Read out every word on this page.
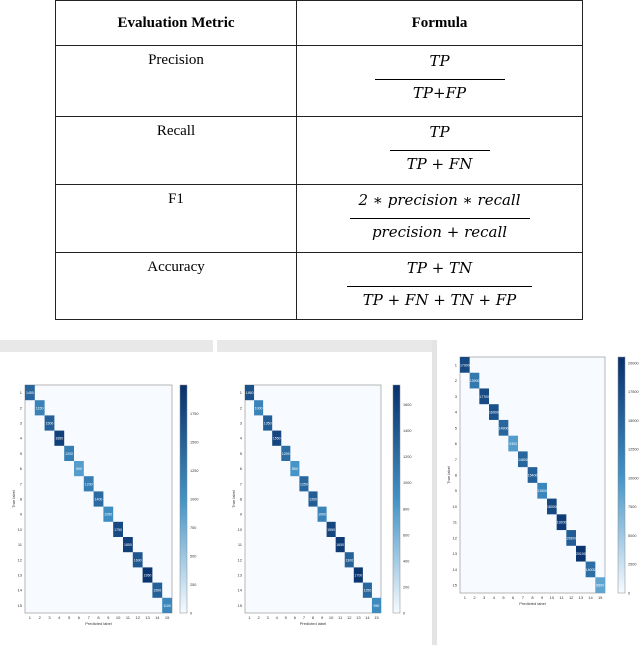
Evaluation Metric	Formula

Precision	TP
TP+FP

Recall	TP
TP + FN

F1	2 ∗ precision ∗ recall
precision + recall

Accuracy	TP + TN
TP + FN + TN + FP
1450
1150
1500
1850
1200
900
1200
1400
1050
1750
1850
1600
1950
1500
1100
1
1
2
2
3
3
4
4
5
5
6
6
7
7
8
8
9
9
10
10
11
11
12
12
13
13
14
14
15
15
Predicted label
True label
0
250
500
750
1000
1250
1500
1750
1450
1000
1350
1550
1200
850
1250
1350
1000
1550
1650
1300
1700
1250
950
1
1
2
2
3
3
4
4
5
5
6
6
7
7
8
8
9
9
10
10
11
11
12
12
13
13
14
14
15
15
Predicted label
True label
0
200
400
600
800
1000
1200
1400
1600
17900
12900
17700
16900
14900
9300
14800
15400
11500
18000
19200
15800
20100
14000
8500
1
1
2
2
3
3
4
4
5
5
6
6
7
7
8
8
9
9
10
10
11
11
12
12
13
13
14
14
15
15
Predicted label
True label
0
2500
5000
7500
10000
12500
15000
17500
20000
